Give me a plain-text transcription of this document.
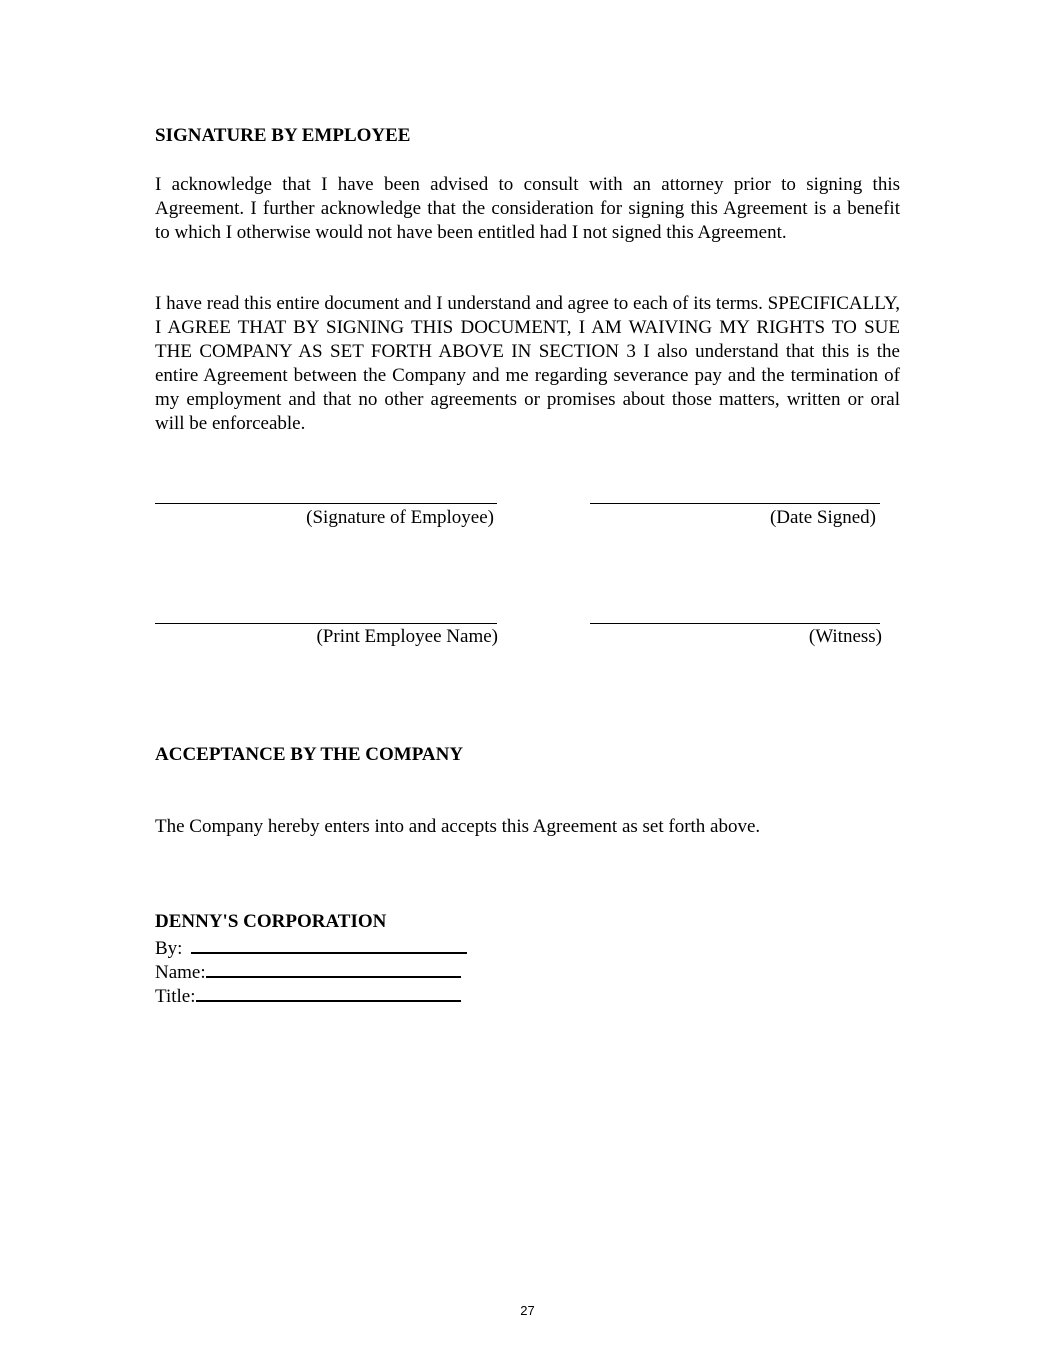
SIGNATURE BY EMPLOYEE

I acknowledge that I have been advised to consult with an attorney prior to signing this Agreement. I further acknowledge that the consideration for signing this Agreement is a benefit to which I otherwise would not have been entitled had I not signed this Agreement.

I have read this entire document and I understand and agree to each of its terms. SPECIFICALLY, I AGREE THAT BY SIGNING THIS DOCUMENT, I AM WAIVING MY RIGHTS TO SUE THE COMPANY AS SET FORTH ABOVE IN SECTION 3 I also understand that this is the entire Agreement between the Company and me regarding severance pay and the termination of my employment and that no other agreements or promises about those matters, written or oral will be enforceable.

(Signature of Employee)	(Date Signed)
(Print Employee Name)	(Witness)
ACCEPTANCE BY THE COMPANY

The Company hereby enters into and accepts this Agreement as set forth above.

DENNY'S CORPORATION
By:
Name:
Title:
27
